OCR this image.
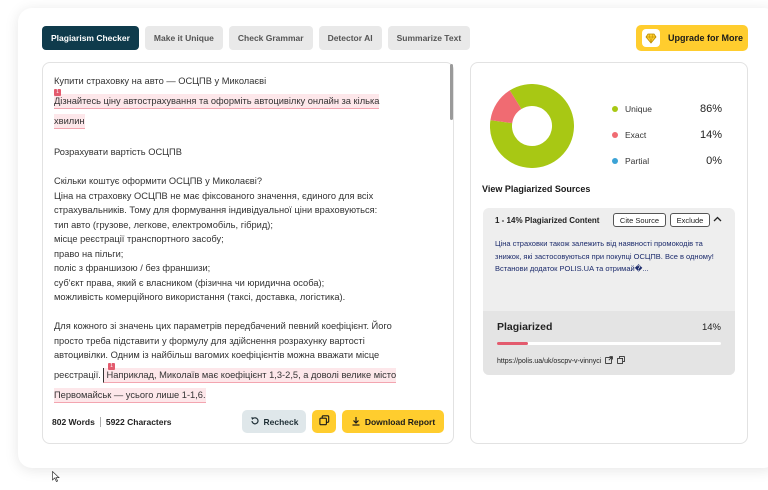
Plagiarism Checker	Make it Unique	Check Grammar	Detector AI	Summarize Text	Upgrade for More

Купити страховку на авто — ОСЦПВ у Миколаєві

1
Дізнайтесь ціну автострахування та оформіть автоцивілку онлайн за кілька
хвилин

Розрахувати вартість ОСЦПВ

Скільки коштує оформити ОСЦПВ у Миколаєві?

Ціна на страховку ОСЦПВ не має фіксованого значення, єдиного для всіх

страхувальників. Тому для формування індивідуальної ціни враховуються:

тип авто (грузове, легкове, електромобіль, гібрид);

місце реєстрації транспортного засобу;

право на пільги;

поліс з франшизою / без франшизи;

суб'єкт права, який є власником (фізична чи юридична особа);

можливість комерційного використання (таксі, доставка, логістика).

Для кожного зі значень цих параметрів передбачений певний коефіцієнт. Його

просто треба підставити у формулу для здійснення розрахунку вартості

автоцивілки. Одним із найбільш вагомих коефіцієнтів можна вважати місце

реєстрації.
1
Наприклад, Миколаїв має коефіцієнт 1,3-2,5, а доволі велике місто
Первомайськ — усього лише 1-1,6.
802 Words 5922 Characters	Recheck	Download Report
Unique	86%
Exact	14%
Partial	0%
View Plagiarized Sources
1 - 14% Plagiarized Content	Cite Source	Exclude
Ціна страховки також залежить від наявності промокодів та знижок, які застосовуються при покупці ОСЦПВ. Все в одному! Встанови додаток POLIS.UA та отримай�...
Plagiarized	14%
https://polis.ua/uk/oscpv-v-vinnyci
